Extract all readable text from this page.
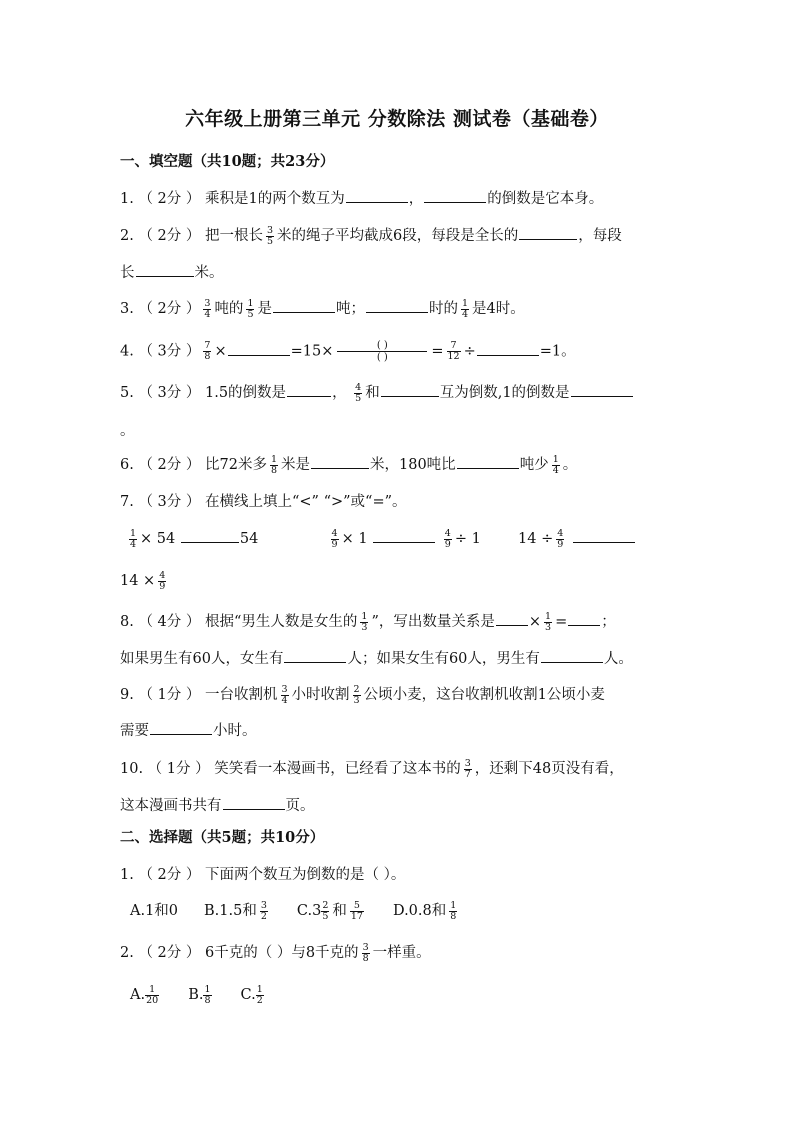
六年级上册第三单元 分数除法 测试卷（基础卷）
一、填空题（共10题；共23分）
1. （ 2分 ） 乘积是1的两个数互为	，	的倒数是它本身。
2. （ 2分 ） 把一根长 $\frac{3}{5}$ 米的绳子平均截成6段，每段是全长的	，每段
长	米。
3. （ 2分 ） $\frac{3}{4}$ 吨的 $\frac{1}{5}$ 是	吨；	时的 $\frac{1}{4}$ 是4时。
4. （ 3分 ） $\frac{7}{8}$ ×	$=15\times \frac{( )}{( )} = \frac{7}{12}$ ÷	=1。
5. （ 3分 ） 1.5的倒数是	， $\frac{4}{5}$ 和	互为倒数,1的倒数是
。
6. （ 2分 ） 比72米多 $\frac{1}{8}$ 米是	米，180吨比	吨少 $\frac{1}{4}$ 。
7. （ 3分 ） 在横线上填上“<” “>”或“=”。
$\frac{1}{4} \times 54$	54	$\frac{4}{9} \times 1$	$\frac{4}{9} \div 1$	$14 \div \frac{4}{9}$

$14 \times \frac{4}{9}$
8. （ 4分 ） 根据“男生人数是女生的 $\frac{1}{3}$ ”，写出数量关系是 × $\frac{1}{3}$ = ；
如果男生有60人，女生有	人；如果女生有60人，男生有	人。
9. （ 1分 ） 一台收割机 $\frac{3}{4}$ 小时收割 $\frac{2}{3}$ 公顷小麦，这台收割机收割1公顷小麦
需要	小时。
10. （ 1分 ） 笑笑看一本漫画书，已经看了这本书的 $\frac{3}{7}$ ，还剩下48页没有看，
这本漫画书共有	页。
二、选择题（共5题；共10分）
1. （ 2分 ） 下面两个数互为倒数的是（ ）。
A.1和0 B.1.5和 $\frac{3}{2} C.3 \frac{2}{5}$ 和 $\frac{5}{17} D.0.8$和 $\frac{1}{8}$
2. （ 2分 ） 6千克的（ ）与8千克的 $\frac{3}{8}$ 一样重。
A. $\frac{1}{20} B$. $\frac{1}{8} C$. $\frac{1}{2}$
